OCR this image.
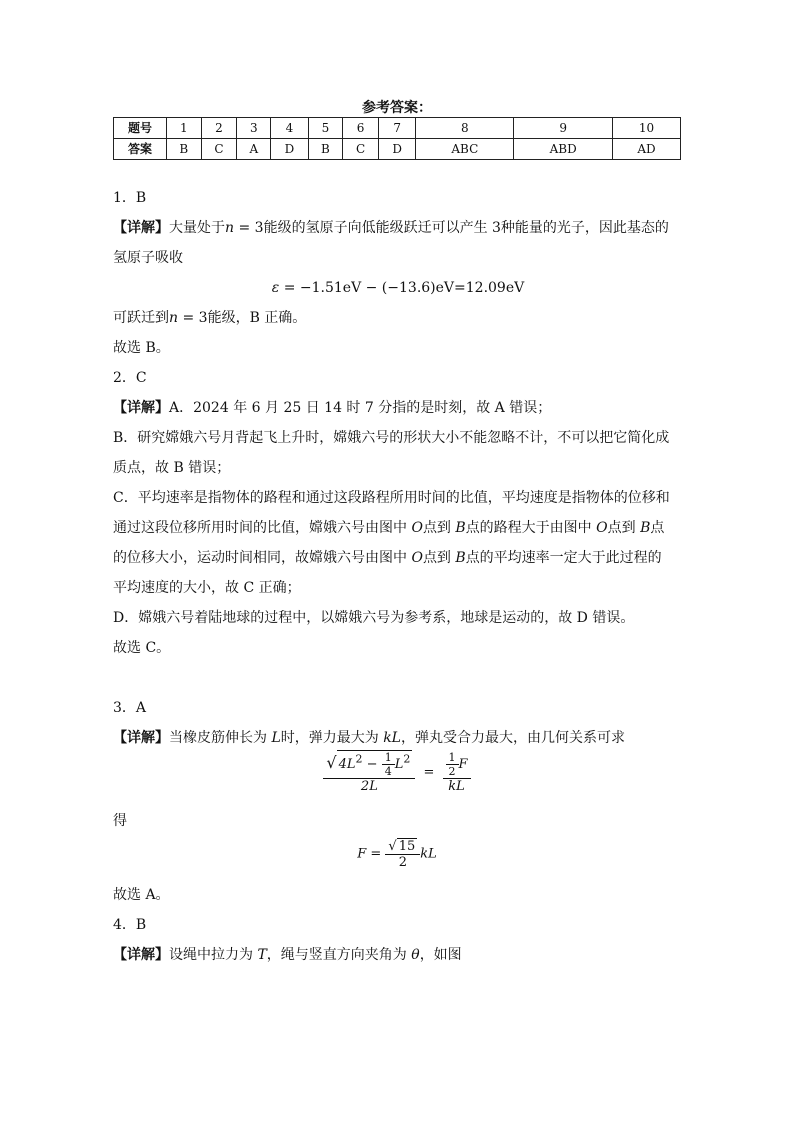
参考答案：
题号	1	2	3	4	5	6	7	8	9	10
答案	B	C	A	D	B	C	D	ABC	ABD	AD
1．B
【详解】大量处于n = 3能级的氢原子向低能级跃迁可以产生 3种能量的光子，因此基态的
氢原子吸收
ε = −1.51eV − (−13.6)eV=12.09eV
可跃迁到n = 3能级，B 正确。
故选 B。
2．C
【详解】A．2024 年 6 月 25 日 14 时 7 分指的是时刻，故 A 错误；
B．研究嫦娥六号月背起飞上升时，嫦娥六号的形状大小不能忽略不计，不可以把它简化成
质点，故 B 错误；
C．平均速率是指物体的路程和通过这段路程所用时间的比值，平均速度是指物体的位移和
通过这段位移所用时间的比值，嫦娥六号由图中 O点到 B点的路程大于由图中 O点到 B点
的位移大小，运动时间相同，故嫦娥六号由图中 O点到 B点的平均速率一定大于此过程的
平均速度的大小，故 C 正确；
D．嫦娥六号着陆地球的过程中，以嫦娥六号为参考系，地球是运动的，故 D 错误。
故选 C。
3．A
【详解】当橡皮筋伸长为 L时，弹力最大为 kL，弹丸受合力最大，由几何关系可求
$\frac{√ 4L^2 - \frac{1}{4} L^2}{2L} = \frac{\frac{1}{2} F}{kL}$
得
$F = \frac{√ 15}{2}$ kL
故选 A。
4．B
【详解】设绳中拉力为 T，绳与竖直方向夹角为 θ，如图
